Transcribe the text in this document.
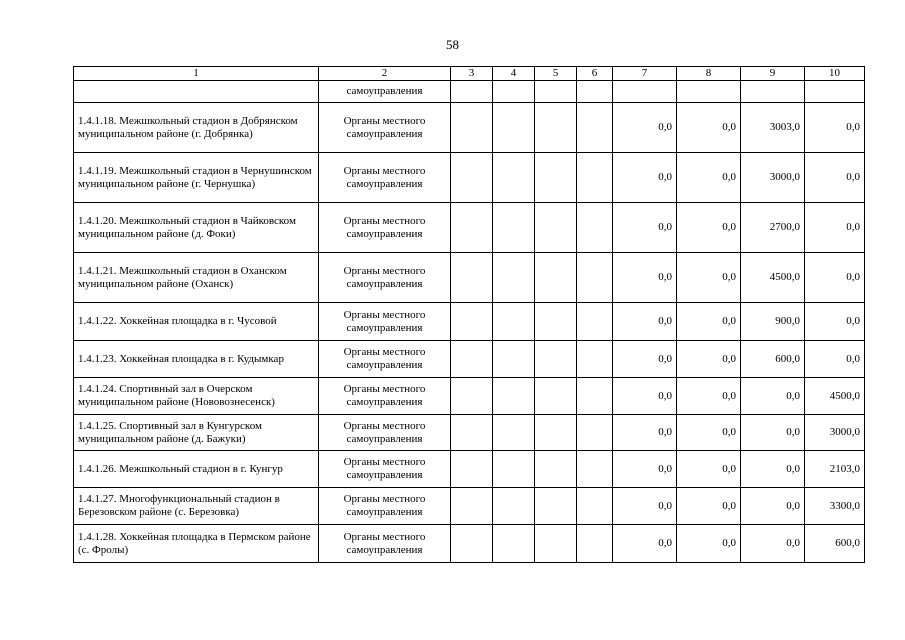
58
1	2	3	4	5	6	7	8	9	10
	самоуправления								
1.4.1.18. Межшкольный стадион в Добрянском муниципальном районе (г. Добрянка)	Органы местного самоуправления					0,0	0,0	3003,0	0,0
1.4.1.19. Межшкольный стадион в Чернушинском муниципальном районе (г. Чернушка)	Органы местного самоуправления					0,0	0,0	3000,0	0,0
1.4.1.20. Межшкольный стадион в Чайковском муниципальном районе (д. Фоки)	Органы местного самоуправления					0,0	0,0	2700,0	0,0
1.4.1.21. Межшкольный стадион в Оханском муниципальном районе (Оханск)	Органы местного самоуправления					0,0	0,0	4500,0	0,0
1.4.1.22. Хоккейная площадка в г. Чусовой	Органы местного самоуправления					0,0	0,0	900,0	0,0
1.4.1.23. Хоккейная площадка в г. Кудымкар	Органы местного самоуправления					0,0	0,0	600,0	0,0
1.4.1.24. Спортивный зал в Очерском муниципальном районе (Нововознесенск)	Органы местного самоуправления					0,0	0,0	0,0	4500,0
1.4.1.25. Спортивный зал в Кунгурском муниципальном районе (д. Бажуки)	Органы местного самоуправления					0,0	0,0	0,0	3000,0
1.4.1.26. Межшкольный стадион в г. Кунгур	Органы местного самоуправления					0,0	0,0	0,0	2103,0
1.4.1.27. Многофункциональный стадион в Березовском районе (с. Березовка)	Органы местного самоуправления					0,0	0,0	0,0	3300,0
1.4.1.28. Хоккейная площадка в Пермском районе (с. Фролы)	Органы местного самоуправления					0,0	0,0	0,0	600,0
